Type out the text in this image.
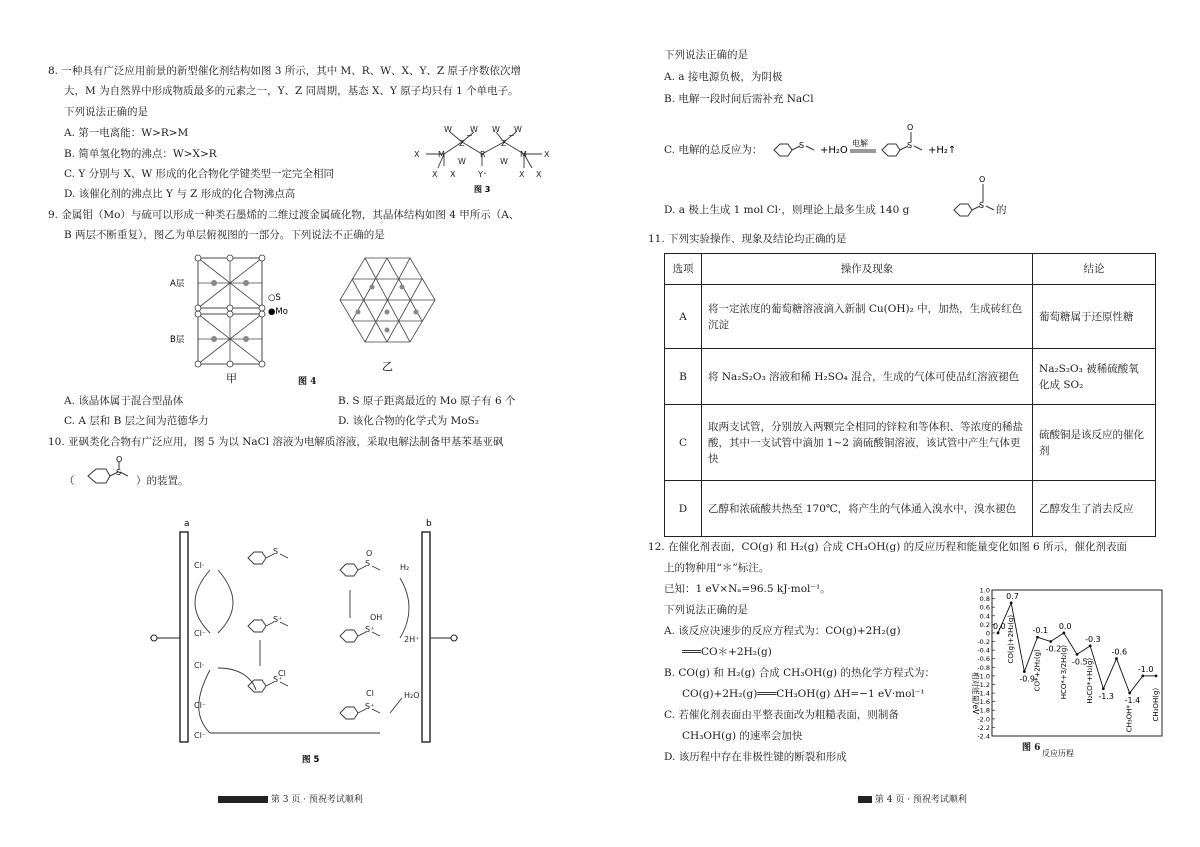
8. 一种具有广泛应用前景的新型催化剂结构如图 3 所示，其中 M、R、W、X、Y、Z 原子序数依次增
大，M 为自然界中形成物质最多的元素之一，Y、Z 同周期，基态 X、Y 原子均只有 1 个单电子。
下列说法正确的是
A. 第一电离能：W>R>M
B. 简单氢化物的沸点：W>X>R
C. Y 分别与 X、W 形成的化合物化学键类型一定完全相同
D. 该催化剂的沸点比 Y 与 Z 形成的化合物沸点高
W W W W
X M
Z
R
Z
M X
X X	X X
Y⁺
W	W
−	−
图 3
9. 金属钼（Mo）与硫可以形成一种类石墨烯的二维过渡金属硫化物，其晶体结构如图 4 甲所示（A、
B 两层不断重复），图乙为单层俯视图的一部分。下列说法不正确的是
A层
B层
○S
●Mo
甲
乙
图 4
A. 该晶体属于混合型晶体	B. S 原子距离最近的 Mo 原子有 6 个
C. A 层和 B 层之间为范德华力	D. 该化合物的化学式为 MoS₂
10. 亚砜类化合物有广泛应用，图 5 为以 NaCl 溶液为电解质溶液，采取电解法制备甲基苯基亚砜
（
S
O
）的装置。
a	b
Cl·
Cl⁻
Cl·
Cl⁻
Cl⁻
S
S⁺
Cl
S⁺
Cl
S⁺
H₂O
O
S
OH
S⁺
H₂
2H⁺
图 5
第 3 页 · 预祝考试顺利
下列说法正确的是
A. a 接电源负极，为阴极
B. 电解一段时间后需补充 NaCl
C. 电解的总反应为：	S +H₂O
电解	S
O
+H₂↑
D. a 极上生成 1 mol Cl·，则理论上最多生成 140 g	S
O
的
11. 下列实验操作、现象及结论均正确的是
选项	操作及现象	结论
A	将一定浓度的葡萄糖溶液滴入新制 Cu(OH)₂ 中，加热，生成砖红色沉淀	葡萄糖属于还原性糖
B	将 Na₂S₂O₃ 溶液和稀 H₂SO₄ 混合，生成的气体可使品红溶液褪色	Na₂S₂O₃ 被稀硫酸氧化成 SO₂
C	取两支试管，分别放入两颗完全相同的锌粒和等体积、等浓度的稀盐酸，其中一支试管中滴加 1~2 滴硫酸铜溶液，该试管中产生气体更快	硫酸铜是该反应的催化剂
D	乙醇和浓硫酸共热至 170℃，将产生的气体通入溴水中，溴水褪色	乙醇发生了消去反应
12. 在催化剂表面，CO(g) 和 H₂(g) 合成 CH₃OH(g) 的反应历程和能量变化如图 6 所示，催化剂表面
上的物种用“＊”标注。
已知：1 eV×Nₐ=96.5 kJ·mol⁻¹。
下列说法正确的是
A. 该反应决速步的反应方程式为：CO(g)+2H₂(g)
═══CO＊+2H₂(g)
B. CO(g) 和 H₂(g) 合成 CH₃OH(g) 的热化学方程式为：
CO(g)+2H₂(g)═══CH₃OH(g) ΔH=−1 eV·mol⁻¹
C. 若催化剂表面由平整表面改为粗糙表面，则制备
CH₃OH(g) 的速率会加快
D. 该历程中存在非极性键的断裂和形成
1.0
0.8
0.6
0.4
0.2
0
-0.2
-0.4
-0.6
-0.8
-1.0
-1.2
-1.4
-1.6
-1.8
-2.0
-2.2
-2.4
0.0
0.7
-0.9
-0.1
-0.2
0.0
-0.5
-0.3
-1.3
-0.6
-1.4
-1.0
CO(g)+2H₂(g)
CO*+2H₂(g)	HCO*+3/2H₂(g)	H₂CO*+H₂(g)
CH₃OH*	CH₃OH(g)
相对能量/eV
反应历程
图 6
第 4 页 · 预祝考试顺利
